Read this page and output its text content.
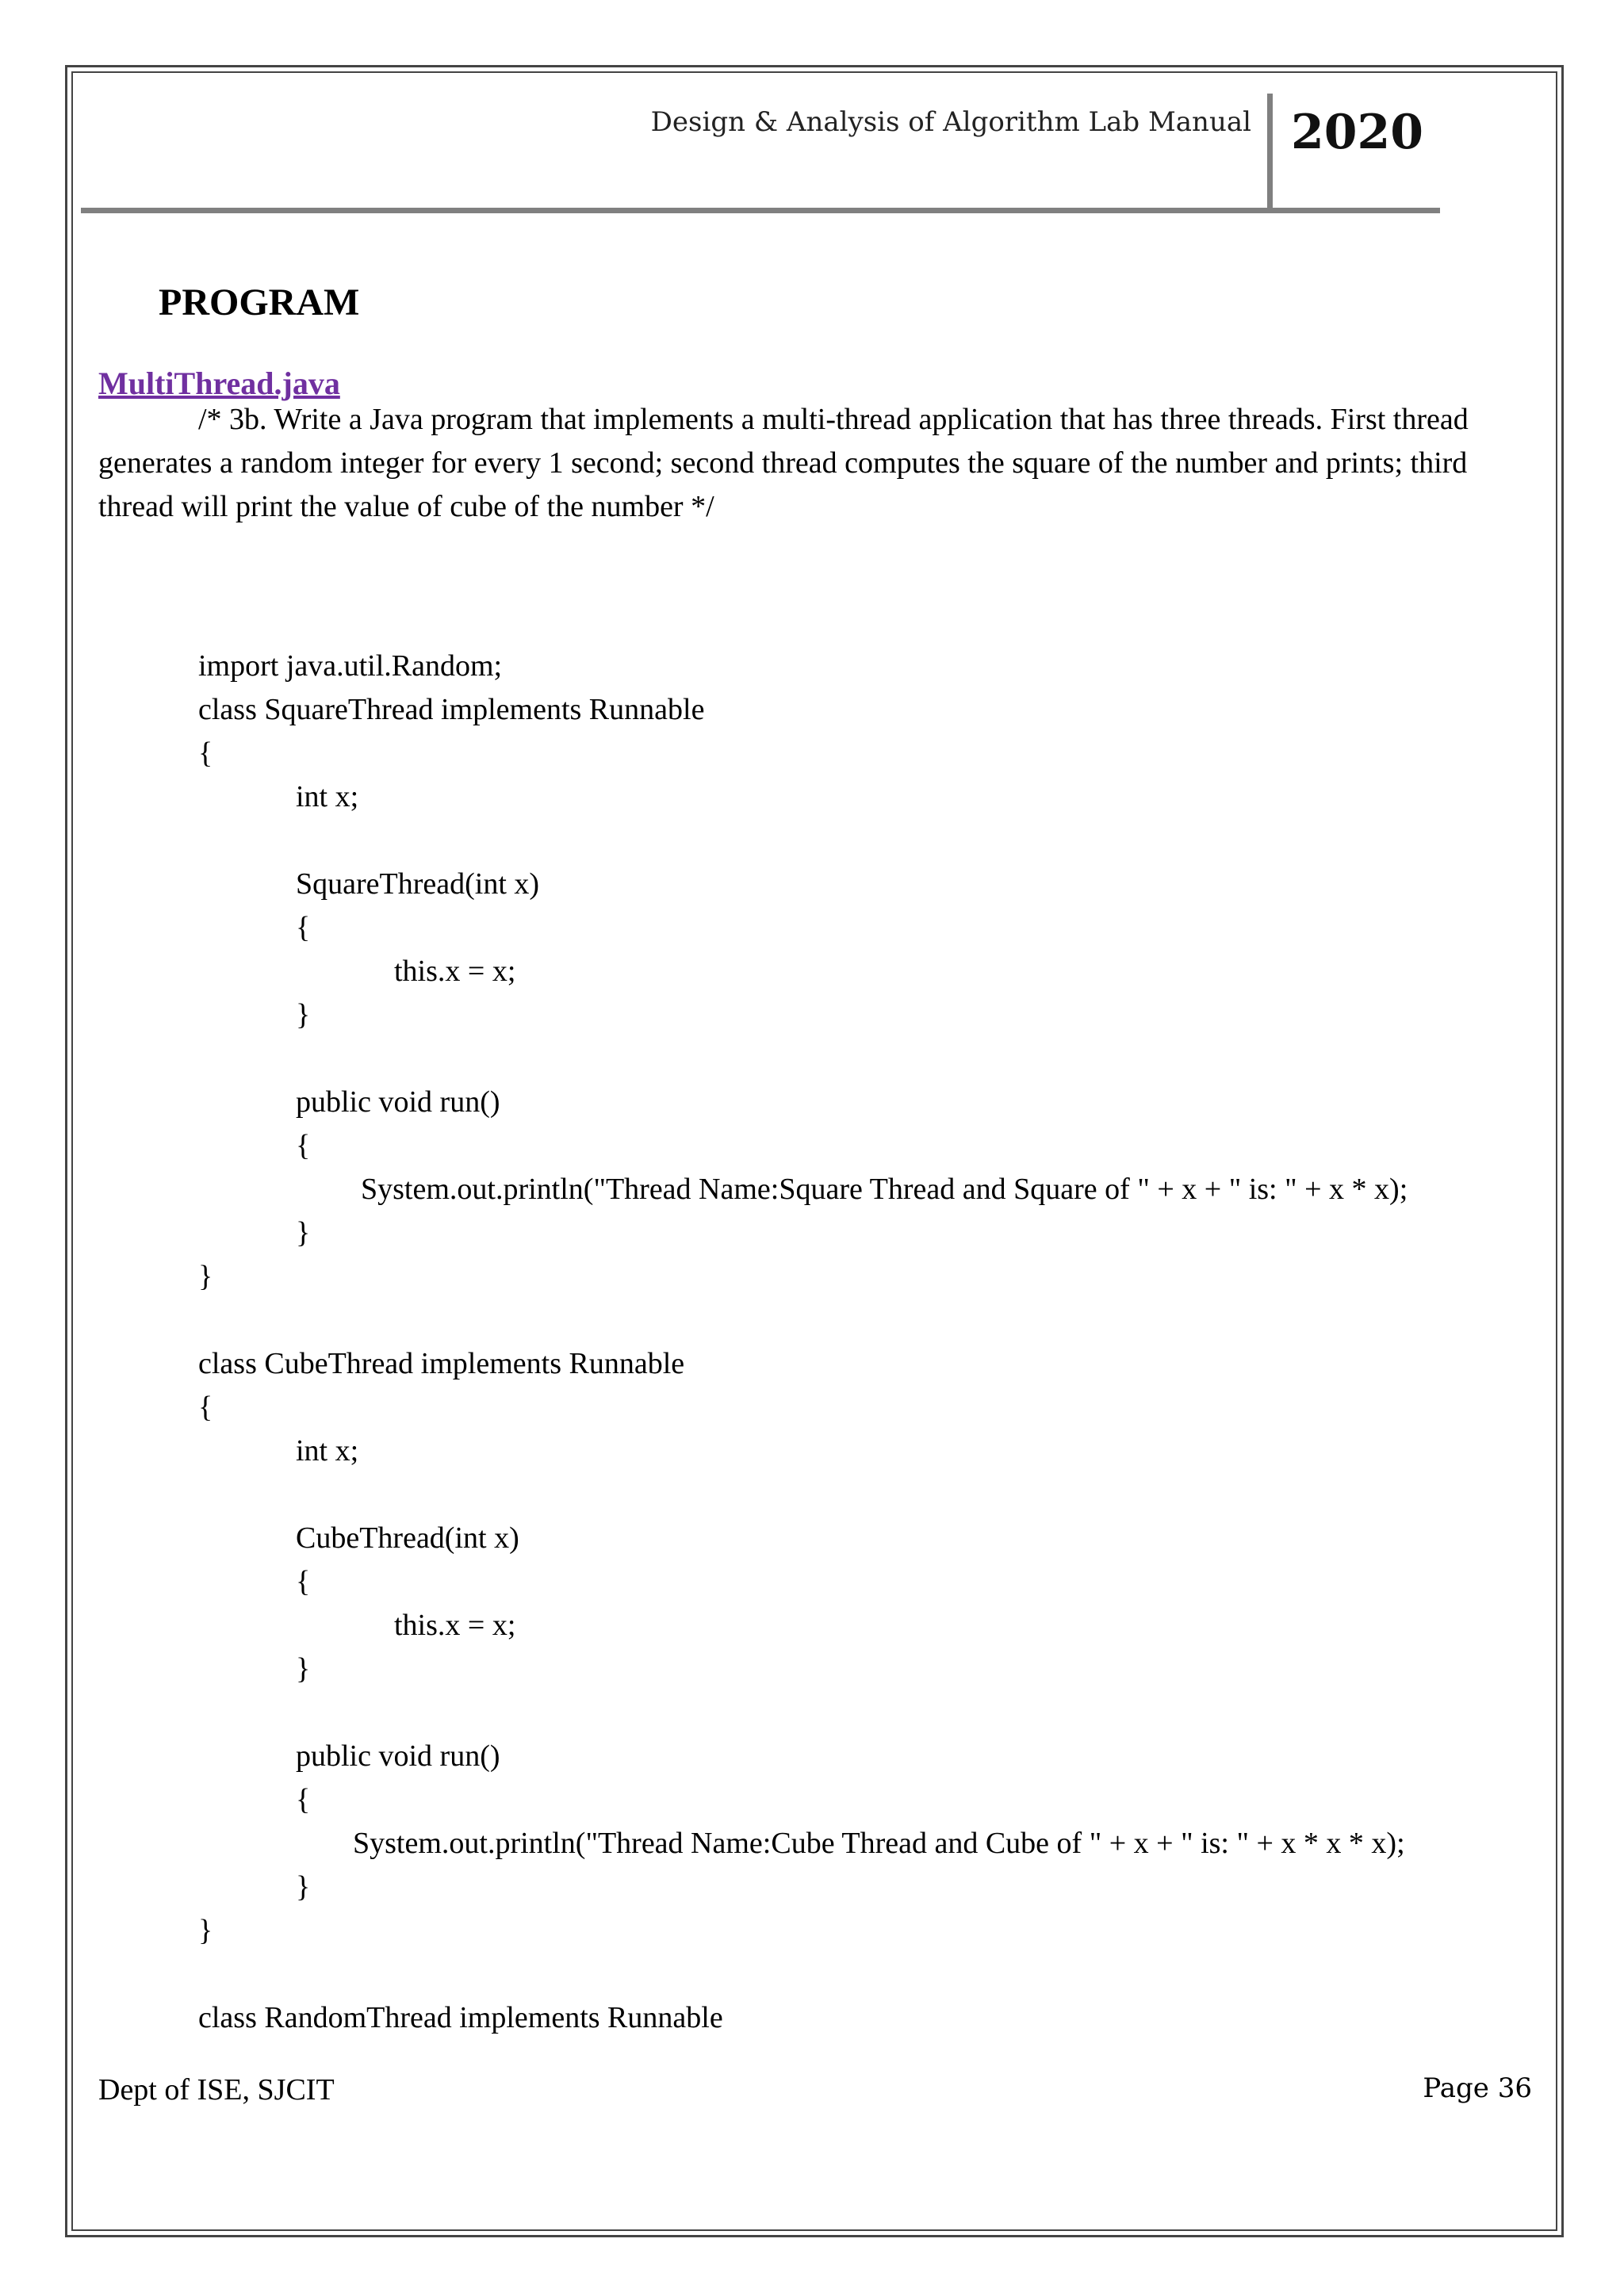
Design & Analysis of Algorithm Lab Manual 2020
PROGRAM
MultiThread.java

/* 3b. Write a Java program that implements a multi-thread application that has three threads. First thread generates a random integer for every 1 second; second thread computes the square of the number and prints; third thread will print the value of cube of the number */

import java.util.Random;
class SquareThread implements Runnable
{
int x;
SquareThread(int x)
{
this.x = x;
}
public void run()
{
System.out.println("Thread Name:Square Thread and Square of " + x + " is: " + x * x);
}
}
class CubeThread implements Runnable
{
int x;
CubeThread(int x)
{
this.x = x;
}
public void run()
{
System.out.println("Thread Name:Cube Thread and Cube of " + x + " is: " + x * x * x);
}
}
class RandomThread implements Runnable
Dept of ISE, SJCIT	Page 36
